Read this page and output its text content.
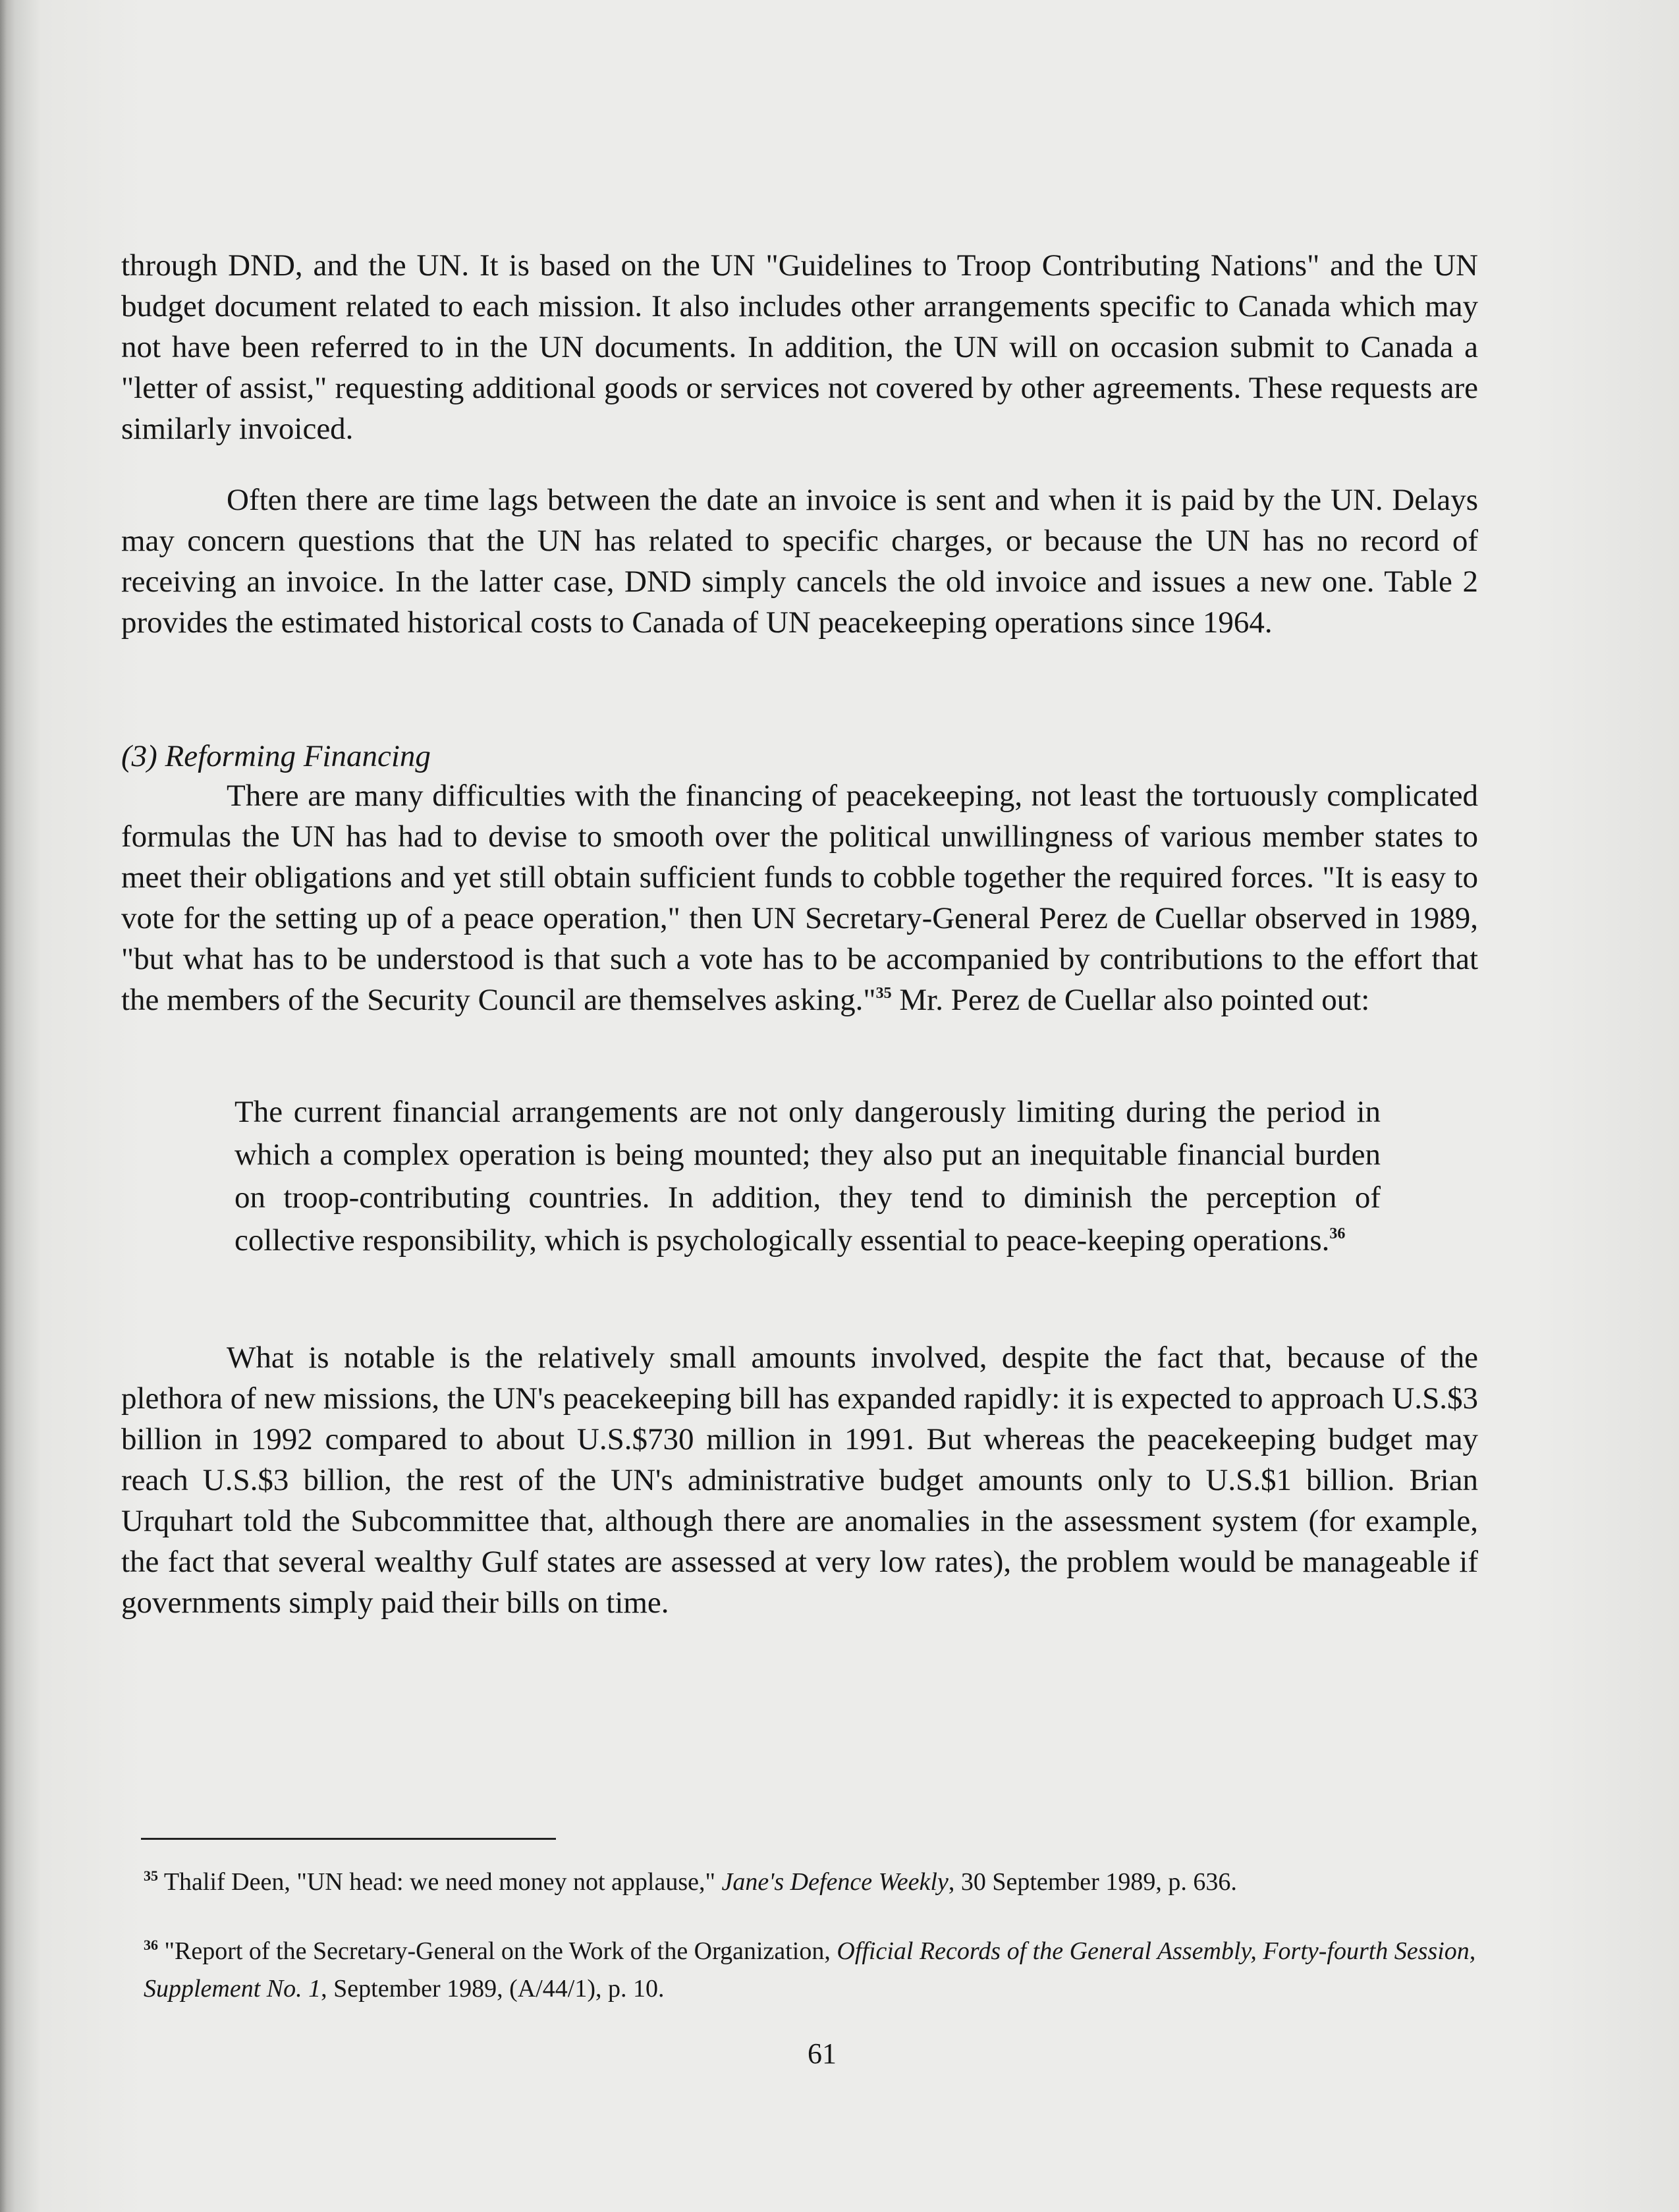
through DND, and the UN. It is based on the UN "Guidelines to Troop Contributing Nations" and the UN budget document related to each mission. It also includes other arrangements specific to Canada which may not have been referred to in the UN documents. In addition, the UN will on occasion submit to Canada a "letter of assist," requesting additional goods or services not covered by other agreements. These requests are similarly invoiced.

Often there are time lags between the date an invoice is sent and when it is paid by the UN. Delays may concern questions that the UN has related to specific charges, or because the UN has no record of receiving an invoice. In the latter case, DND simply cancels the old invoice and issues a new one. Table 2 provides the estimated historical costs to Canada of UN peacekeeping operations since 1964.

(3) Reforming Financing

There are many difficulties with the financing of peacekeeping, not least the tortuously complicated formulas the UN has had to devise to smooth over the political unwillingness of various member states to meet their obligations and yet still obtain sufficient funds to cobble together the required forces. "It is easy to vote for the setting up of a peace operation," then UN Secretary-General Perez de Cuellar observed in 1989, "but what has to be understood is that such a vote has to be accompanied by contributions to the effort that the members of the Security Council are themselves asking."$^{35}$ Mr. Perez de Cuellar also pointed out:

The current financial arrangements are not only dangerously limiting during the period in which a complex operation is being mounted; they also put an inequitable financial burden on troop-contributing countries. In addition, they tend to diminish the perception of collective responsibility, which is psychologically essential to peace-keeping operations.$^{36}$

What is notable is the relatively small amounts involved, despite the fact that, because of the plethora of new missions, the UN's peacekeeping bill has expanded rapidly: it is expected to approach U.S.$3 billion in 1992 compared to about U.S.$730 million in 1991. But whereas the peacekeeping budget may reach U.S.$3 billion, the rest of the UN's administrative budget amounts only to U.S.$1 billion. Brian Urquhart told the Subcommittee that, although there are anomalies in the assessment system (for example, the fact that several wealthy Gulf states are assessed at very low rates), the problem would be manageable if governments simply paid their bills on time.

$^{35}$ Thalif Deen, "UN head: we need money not applause," Jane's Defence Weekly, 30 September 1989, p. 636.

$^{36}$ "Report of the Secretary-General on the Work of the Organization, Official Records of the General Assembly, Forty-fourth Session, Supplement No. 1, September 1989, (A/44/1), p. 10.

61
